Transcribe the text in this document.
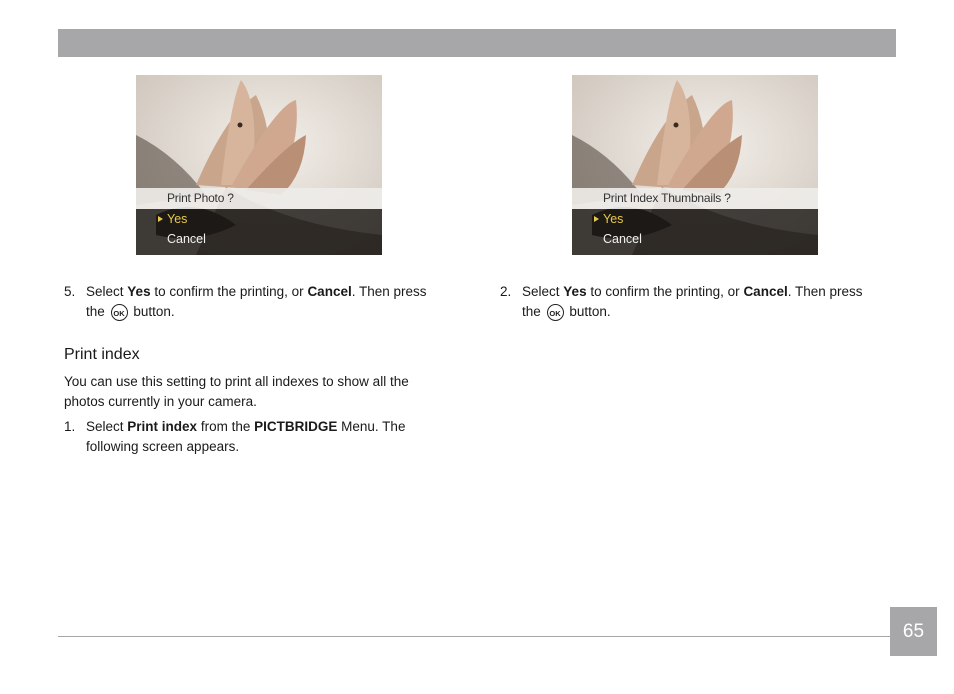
Print Photo ?
Yes
Cancel
Print Index Thumbnails ?
Yes
Cancel
5. Select Yes to confirm the printing, or Cancel. Then press
the OK button.
Print index
You can use this setting to print all indexes to show all the
photos currently in your camera.
1. Select Print index from the PICTBRIDGE Menu. The
following screen appears.
2. Select Yes to confirm the printing, or Cancel. Then press
the OK button.
65
